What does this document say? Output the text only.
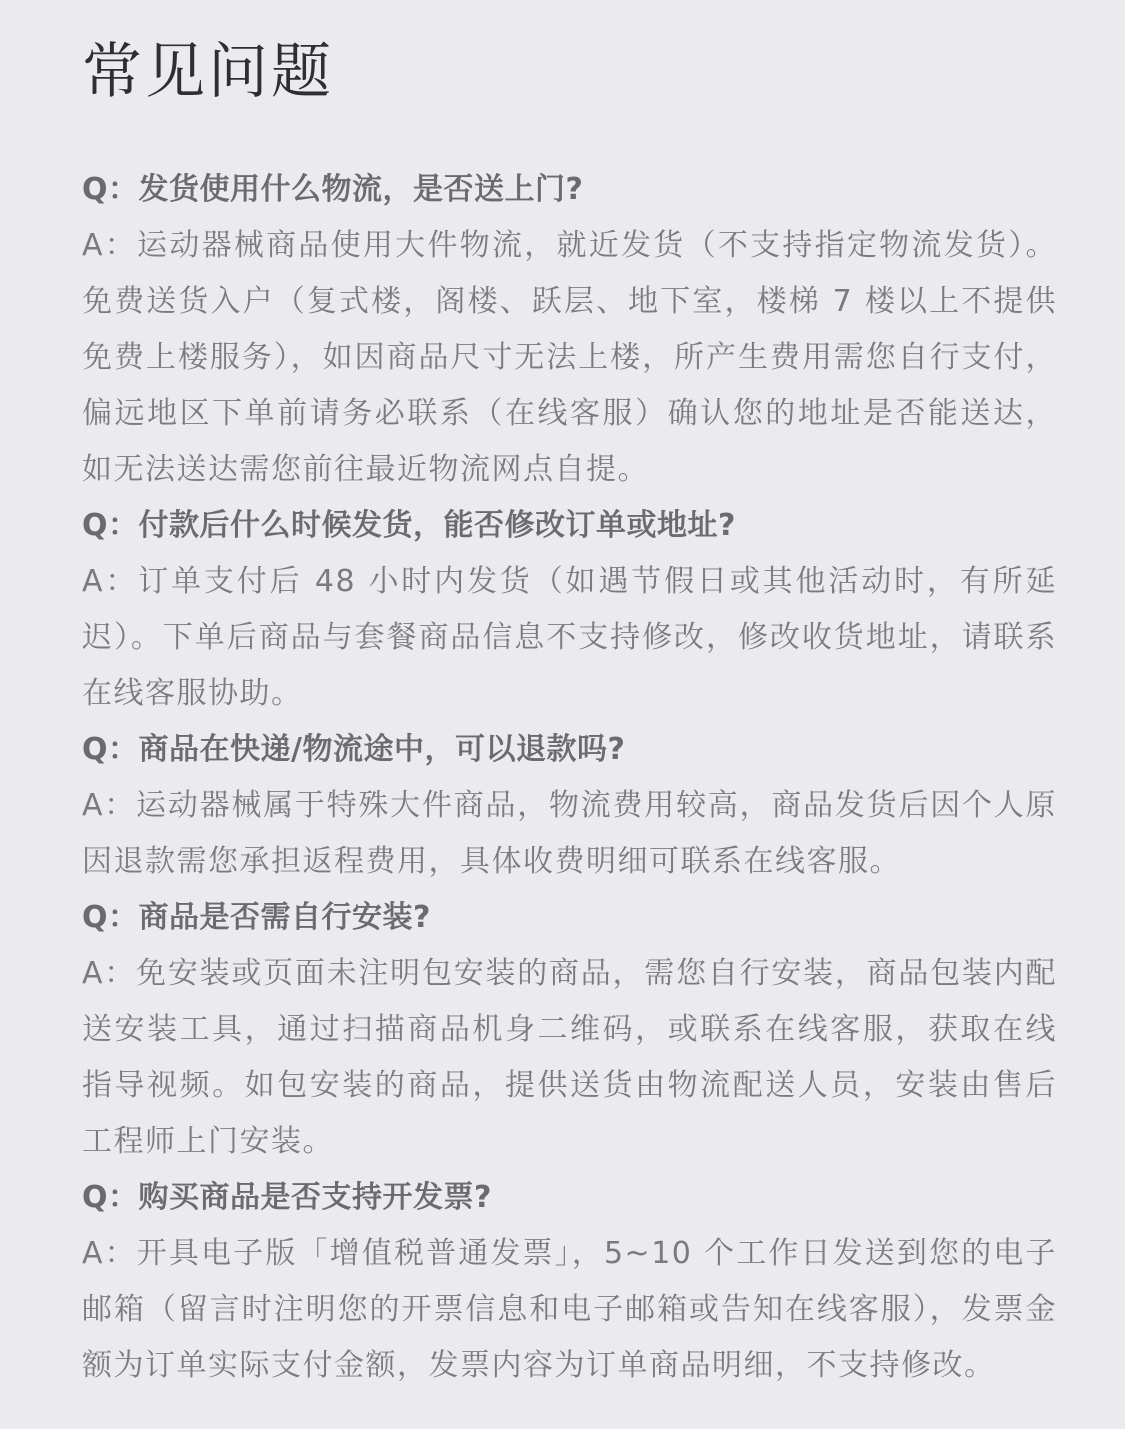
常见问题
Q：发货使用什么物流，是否送上门?
A：运动器械商品使用大件物流，就近发货（不支持指定物流发货）。免费送货入户（复式楼，阁楼、跃层、地下室，楼梯 7 楼以上不提供免费上楼服务），如因商品尺寸无法上楼，所产生费用需您自行支付，偏远地区下单前请务必联系（在线客服）确认您的地址是否能送达，如无法送达需您前往最近物流网点自提。
Q：付款后什么时候发货，能否修改订单或地址?
A：订单支付后 48 小时内发货（如遇节假日或其他活动时，有所延迟）。下单后商品与套餐商品信息不支持修改，修改收货地址，请联系在线客服协助。
Q：商品在快递/物流途中，可以退款吗?
A：运动器械属于特殊大件商品，物流费用较高，商品发货后因个人原因退款需您承担返程费用，具体收费明细可联系在线客服。
Q：商品是否需自行安装?
A：免安装或页面未注明包安装的商品，需您自行安装，商品包装内配送安装工具，通过扫描商品机身二维码，或联系在线客服，获取在线指导视频。如包安装的商品，提供送货由物流配送人员，安装由售后工程师上门安装。
Q：购买商品是否支持开发票?
A：开具电子版「增值税普通发票」，5~10 个工作日发送到您的电子邮箱（留言时注明您的开票信息和电子邮箱或告知在线客服），发票金额为订单实际支付金额，发票内容为订单商品明细，不支持修改。
